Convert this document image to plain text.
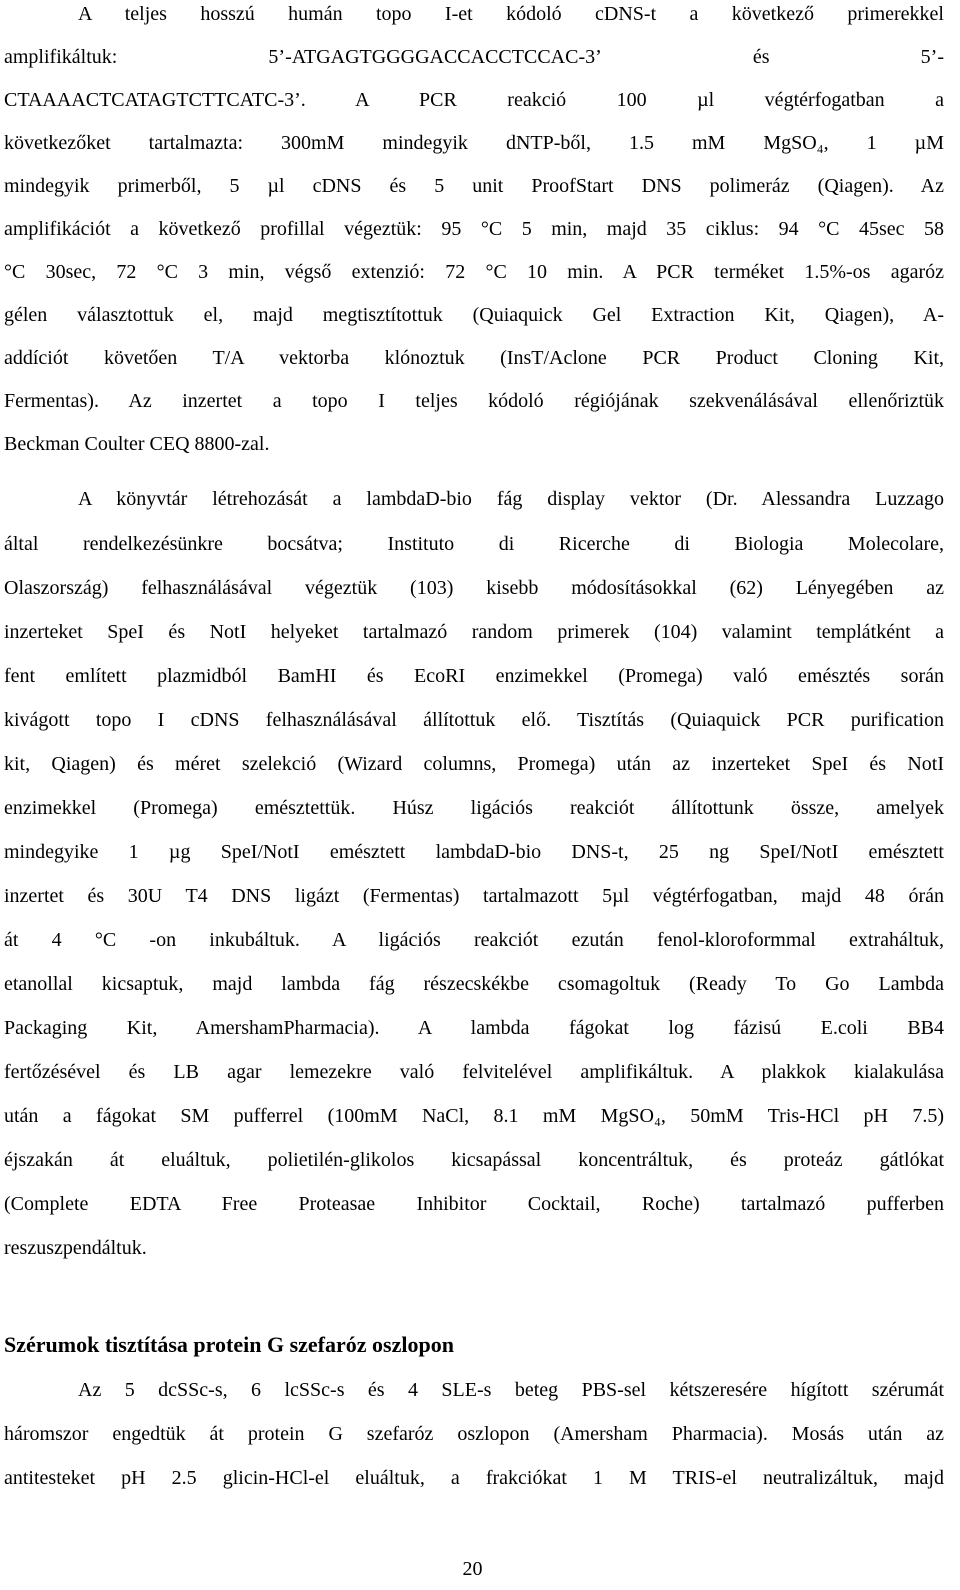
A teljes hosszú humán topo I-et kódoló cDNS-t a következő primerekkel
amplifikáltuk:      5’-ATGAGTGGGGACCACCTCCAC-3’      és      5’-
CTAAAACTCATAGTCTTCATC-3’. A PCR reakció 100 µl végtérfogatban a
következőket tartalmazta: 300mM mindegyik dNTP-ből, 1.5 mM MgSO₄, 1 µM
mindegyik primerből, 5 µl cDNS és 5 unit ProofStart DNS polimeráz (Qiagen). Az
amplifikációt a következő profillal végeztük: 95 °C 5 min, majd 35 ciklus: 94 °C 45sec 58
°C 30sec, 72 °C 3 min, végső extenzió: 72 °C 10 min. A PCR terméket 1.5%-os agaróz
gélen választottuk el, majd megtisztítottuk (Quiaquick Gel Extraction Kit, Qiagen), A-
addíciót követően T/A vektorba klónoztuk (InsT/Aclone PCR Product Cloning Kit,
Fermentas). Az inzertet a topo I teljes kódoló régiójának szekvenálásával ellenőriztük
Beckman Coulter CEQ 8800-zal.
A könyvtár létrehozását a lambdaD-bio fág display vektor (Dr. Alessandra Luzzago
által rendelkezésünkre bocsátva; Instituto di Ricerche di Biologia Molecolare,
Olaszország) felhasználásával végeztük (103) kisebb módosításokkal (62) Lényegében az
inzerteket SpeI és NotI helyeket tartalmazó random primerek (104) valamint templátként a
fent említett plazmidból BamHI és EcoRI enzimekkel (Promega) való emésztés során
kivágott topo I cDNS felhasználásával állítottuk elő. Tisztítás (Quiaquick PCR purification
kit, Qiagen) és méret szelekció (Wizard columns, Promega) után az inzerteket SpeI és NotI
enzimekkel (Promega) emésztettük. Húsz ligációs reakciót állítottunk össze, amelyek
mindegyike 1 µg SpeI/NotI emésztett lambdaD-bio DNS-t, 25 ng SpeI/NotI emésztett
inzertet és 30U T4 DNS ligázt (Fermentas) tartalmazott 5µl végtérfogatban, majd 48 órán
át 4 °C -on inkubáltuk. A ligációs reakciót ezután fenol-kloroformmal extraháltuk,
etanollal kicsaptuk, majd lambda fág részecskékbe csomagoltuk (Ready To Go Lambda
Packaging Kit, AmershamPharmacia). A lambda fágokat log fázisú E.coli BB4
fertőzésével és LB agar lemezekre való felvitelével amplifikáltuk. A plakkok kialakulása
után a fágokat SM pufferrel (100mM NaCl, 8.1 mM MgSO₄, 50mM Tris-HCl pH 7.5)
éjszakán át eluáltuk, polietilén-glikolos kicsapással koncentráltuk, és proteáz gátlókat
(Complete EDTA Free Proteasae Inhibitor Cocktail, Roche) tartalmazó pufferben
reszuszpendáltuk.
Szérumok tisztítása protein G szefaróz oszlopon
Az 5 dcSSc-s, 6 lcSSc-s és 4 SLE-s beteg PBS-sel kétszeresére hígított szérumát
háromszor engedtük át protein G szefaróz oszlopon (Amersham Pharmacia). Mosás után az
antitesteket pH 2.5 glicin-HCl-el eluáltuk, a frakciókat 1 M TRIS-el neutralizáltuk, majd
20
